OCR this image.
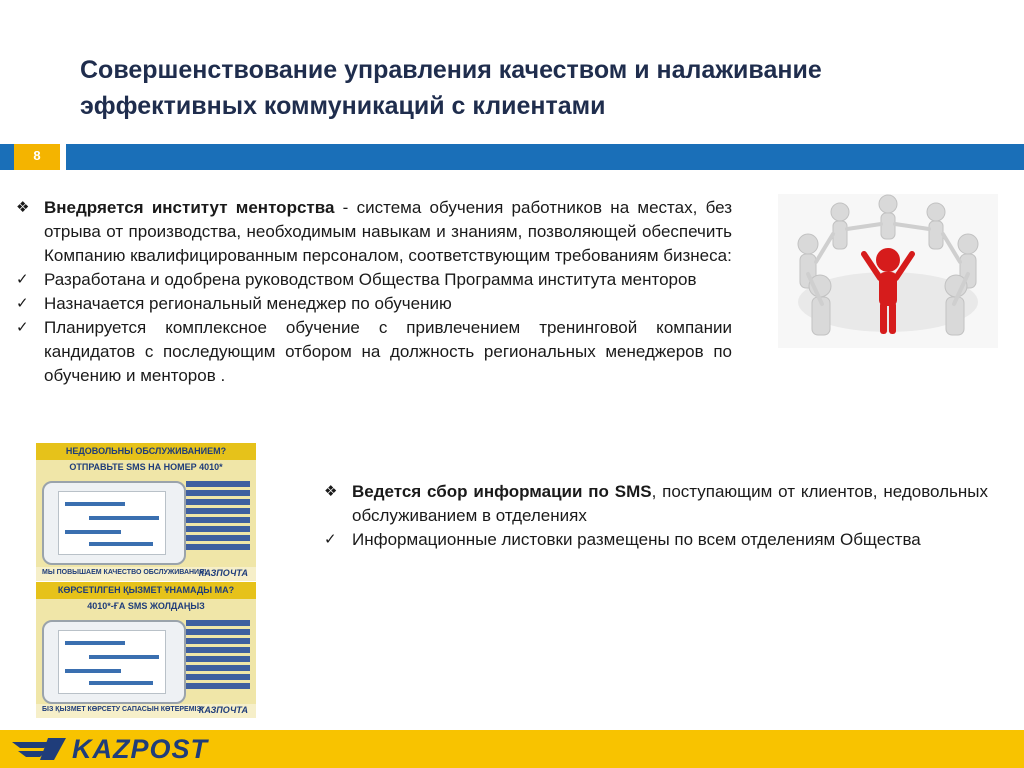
Совершенствование управления качеством и налаживание эффективных коммуникаций с клиентами
8
❖ Внедряется институт менторства - система обучения работников на местах, без отрыва от производства, необходимым навыкам и знаниям, позволяющей обеспечить Компанию квалифицированным персоналом, соответствующим требованиям бизнеса:
✓ Разработана и одобрена руководством Общества Программа института менторов
✓ Назначается региональный менеджер по обучению
✓ Планируется комплексное обучение с привлечением тренинговой компании кандидатов с последующим отбором на должность региональных менеджеров по обучению и менторов .
НЕДОВОЛЬНЫ ОБСЛУЖИВАНИЕМ?
ОТПРАВЬТЕ SMS НА НОМЕР 4010*
МЫ ПОВЫШАЕМ КАЧЕСТВО ОБСЛУЖИВАНИЯ!
КАЗПОЧТА
КӨРСЕТІЛГЕН ҚЫЗМЕТ ҰНАМАДЫ МА?
4010*-ҒА SMS ЖОЛДАҢЫЗ
БІЗ ҚЫЗМЕТ КӨРСЕТУ САПАСЫН КӨТЕРЕМІЗ!
КАЗПОЧТА
❖ Ведется сбор информации по SMS, поступающим от клиентов, недовольных обслуживанием в отделениях
✓ Информационные листовки размещены по всем отделениям Общества
KAZPOST
